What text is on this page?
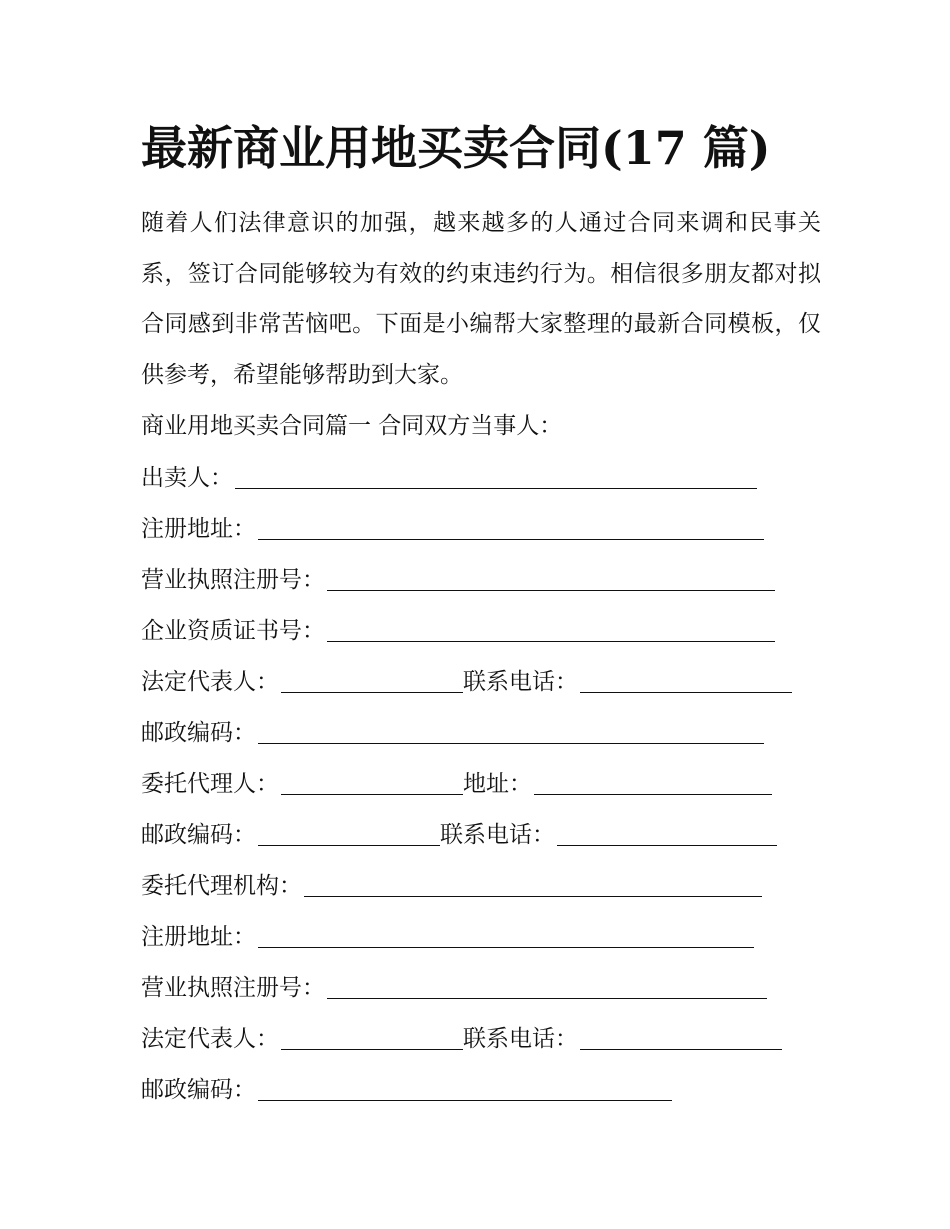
最新商业用地买卖合同(17 篇)

随着人们法律意识的加强，越来越多的人通过合同来调和民事关系，签订合同能够较为有效的约束违约行为。相信很多朋友都对拟合同感到非常苦恼吧。下面是小编帮大家整理的最新合同模板，仅供参考，希望能够帮助到大家。

商业用地买卖合同篇一 合同双方当事人：
出卖人：
注册地址：
营业执照注册号：
企业资质证书号：
法定代表人：	联系电话：
邮政编码：
委托代理人：	地址：
邮政编码：	联系电话：
委托代理机构：
注册地址：
营业执照注册号：
法定代表人：	联系电话：
邮政编码：
